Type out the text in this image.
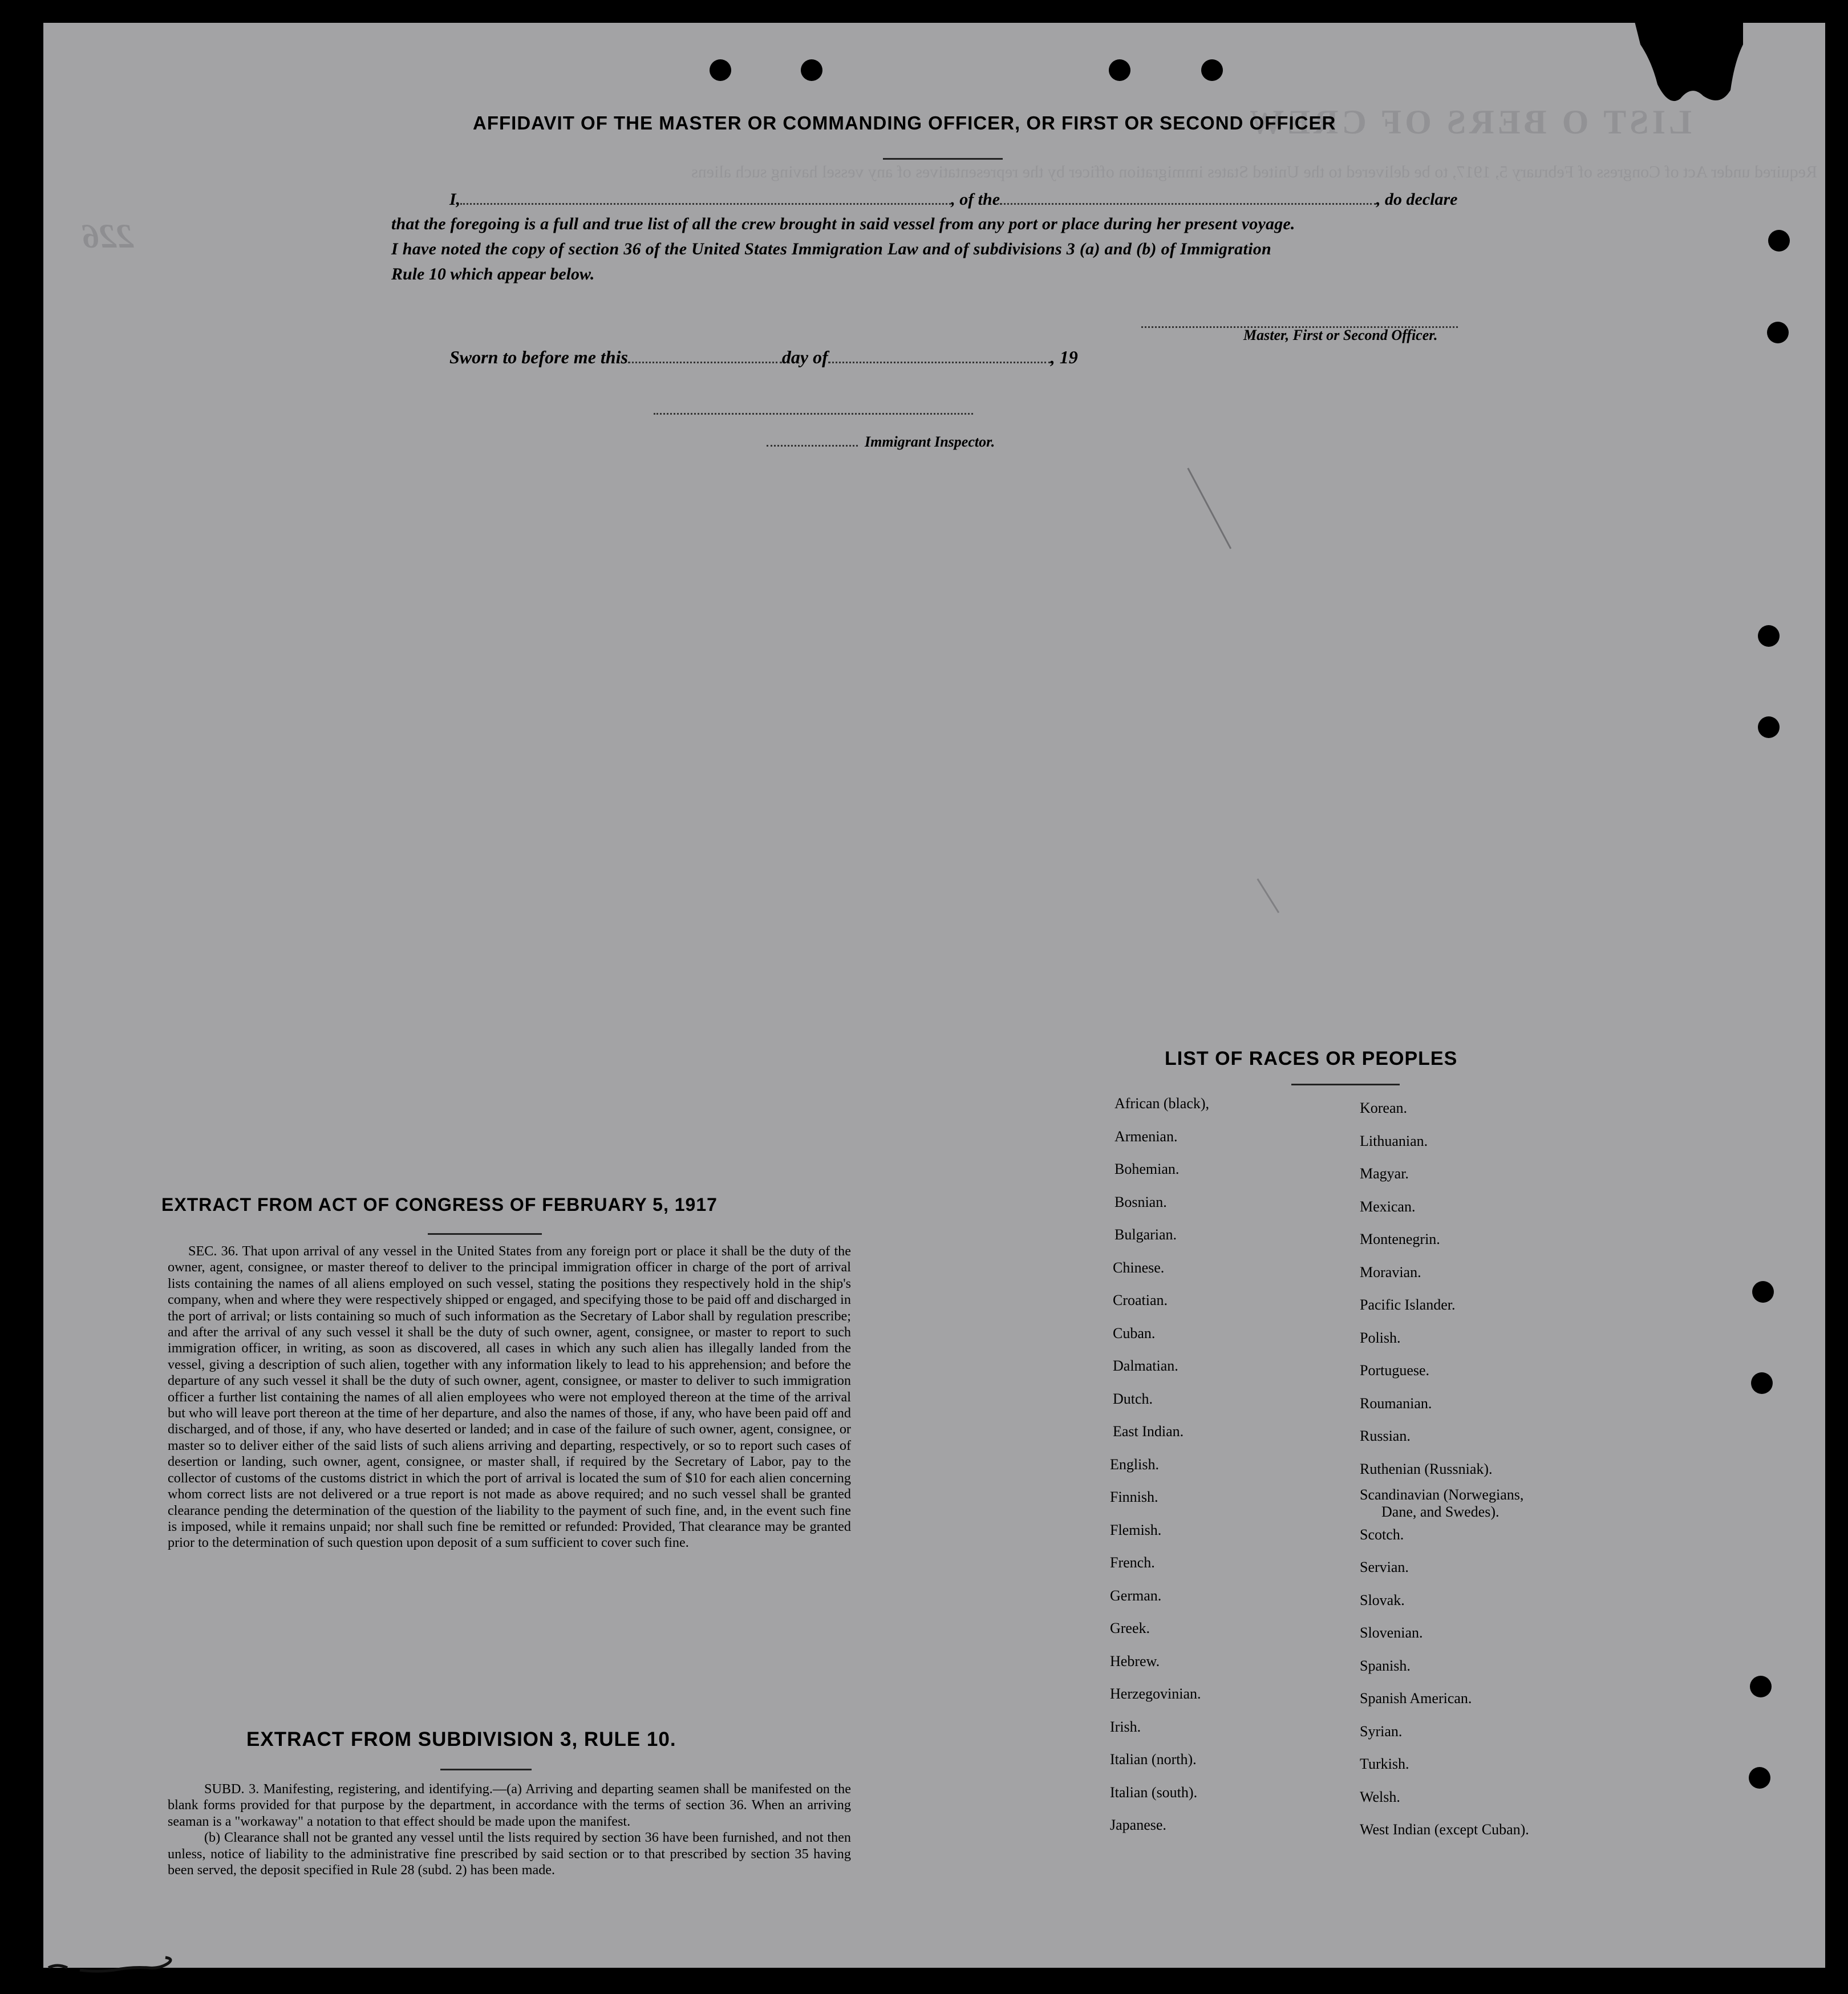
LIST O BERS OF CREW
Required under Act of Congress of February 5, 1917, to be delivered to the United States immigration officer by the representatives of any vessel having such aliens
226
AFFIDAVIT OF THE MASTER OR COMMANDING OFFICER, OR FIRST OR SECOND OFFICER
I,	, of the	, do declare
that the foregoing is a full and true list of all the crew brought in said vessel from any port or place during her present voyage.
I have noted the copy of section 36 of the United States Immigration Law and of subdivisions 3 (a) and (b) of Immigration
Rule 10 which appear below.
Master, First or Second Officer.
Sworn to before me this	day of	, 19
Immigrant Inspector.
EXTRACT FROM ACT OF CONGRESS OF FEBRUARY 5, 1917
SEC. 36. That upon arrival of any vessel in the United States from any foreign port or place it shall be the duty of the owner, agent, consignee, or master thereof to deliver to the principal immigration officer in charge of the port of arrival lists containing the names of all aliens employed on such vessel, stating the positions they respectively hold in the ship's company, when and where they were respectively shipped or engaged, and specifying those to be paid off and discharged in the port of arrival; or lists containing so much of such information as the Secretary of Labor shall by regulation prescribe; and after the arrival of any such vessel it shall be the duty of such owner, agent, consignee, or master to report to such immigration officer, in writing, as soon as discovered, all cases in which any such alien has illegally landed from the vessel, giving a description of such alien, together with any information likely to lead to his apprehension; and before the departure of any such vessel it shall be the duty of such owner, agent, consignee, or master to deliver to such immigration officer a further list containing the names of all alien employees who were not employed thereon at the time of the arrival but who will leave port thereon at the time of her departure, and also the names of those, if any, who have been paid off and discharged, and of those, if any, who have deserted or landed; and in case of the failure of such owner, agent, consignee, or master so to deliver either of the said lists of such aliens arriving and departing, respectively, or so to report such cases of desertion or landing, such owner, agent, consignee, or master shall, if required by the Secretary of Labor, pay to the collector of customs of the customs district in which the port of arrival is located the sum of $10 for each alien concerning whom correct lists are not delivered or a true report is not made as above required; and no such vessel shall be granted clearance pending the determination of the question of the liability to the payment of such fine, and, in the event such fine is imposed, while it remains unpaid; nor shall such fine be remitted or refunded: Provided, That clearance may be granted prior to the determination of such question upon deposit of a sum sufficient to cover such fine.
EXTRACT FROM SUBDIVISION 3, RULE 10.

SUBD. 3. Manifesting, registering, and identifying.—(a) Arriving and departing seamen shall be manifested on the blank forms provided for that purpose by the department, in accordance with the terms of section 36. When an arriving seaman is a "workaway" a notation to that effect should be made upon the manifest.

(b) Clearance shall not be granted any vessel until the lists required by section 36 have been furnished, and not then unless, notice of liability to the administrative fine prescribed by said section or to that prescribed by section 35 having been served, the deposit specified in Rule 28 (subd. 2) has been made.

LIST OF RACES OR PEOPLES
African (black),
Armenian.
Bohemian.
Bosnian.
Bulgarian.
Chinese.
Croatian.
Cuban.
Dalmatian.
Dutch.
East Indian.
English.
Finnish.
Flemish.
French.
German.
Greek.
Hebrew.
Herzegovinian.
Irish.
Italian (north).
Italian (south).
Japanese.
Korean.
Lithuanian.
Magyar.
Mexican.
Montenegrin.
Moravian.
Pacific Islander.
Polish.
Portuguese.
Roumanian.
Russian.
Ruthenian (Russniak).
Scandinavian (Norwegians,
Dane, and Swedes).
Scotch.
Servian.
Slovak.
Slovenian.
Spanish.
Spanish American.
Syrian.
Turkish.
Welsh.
West Indian (except Cuban).
